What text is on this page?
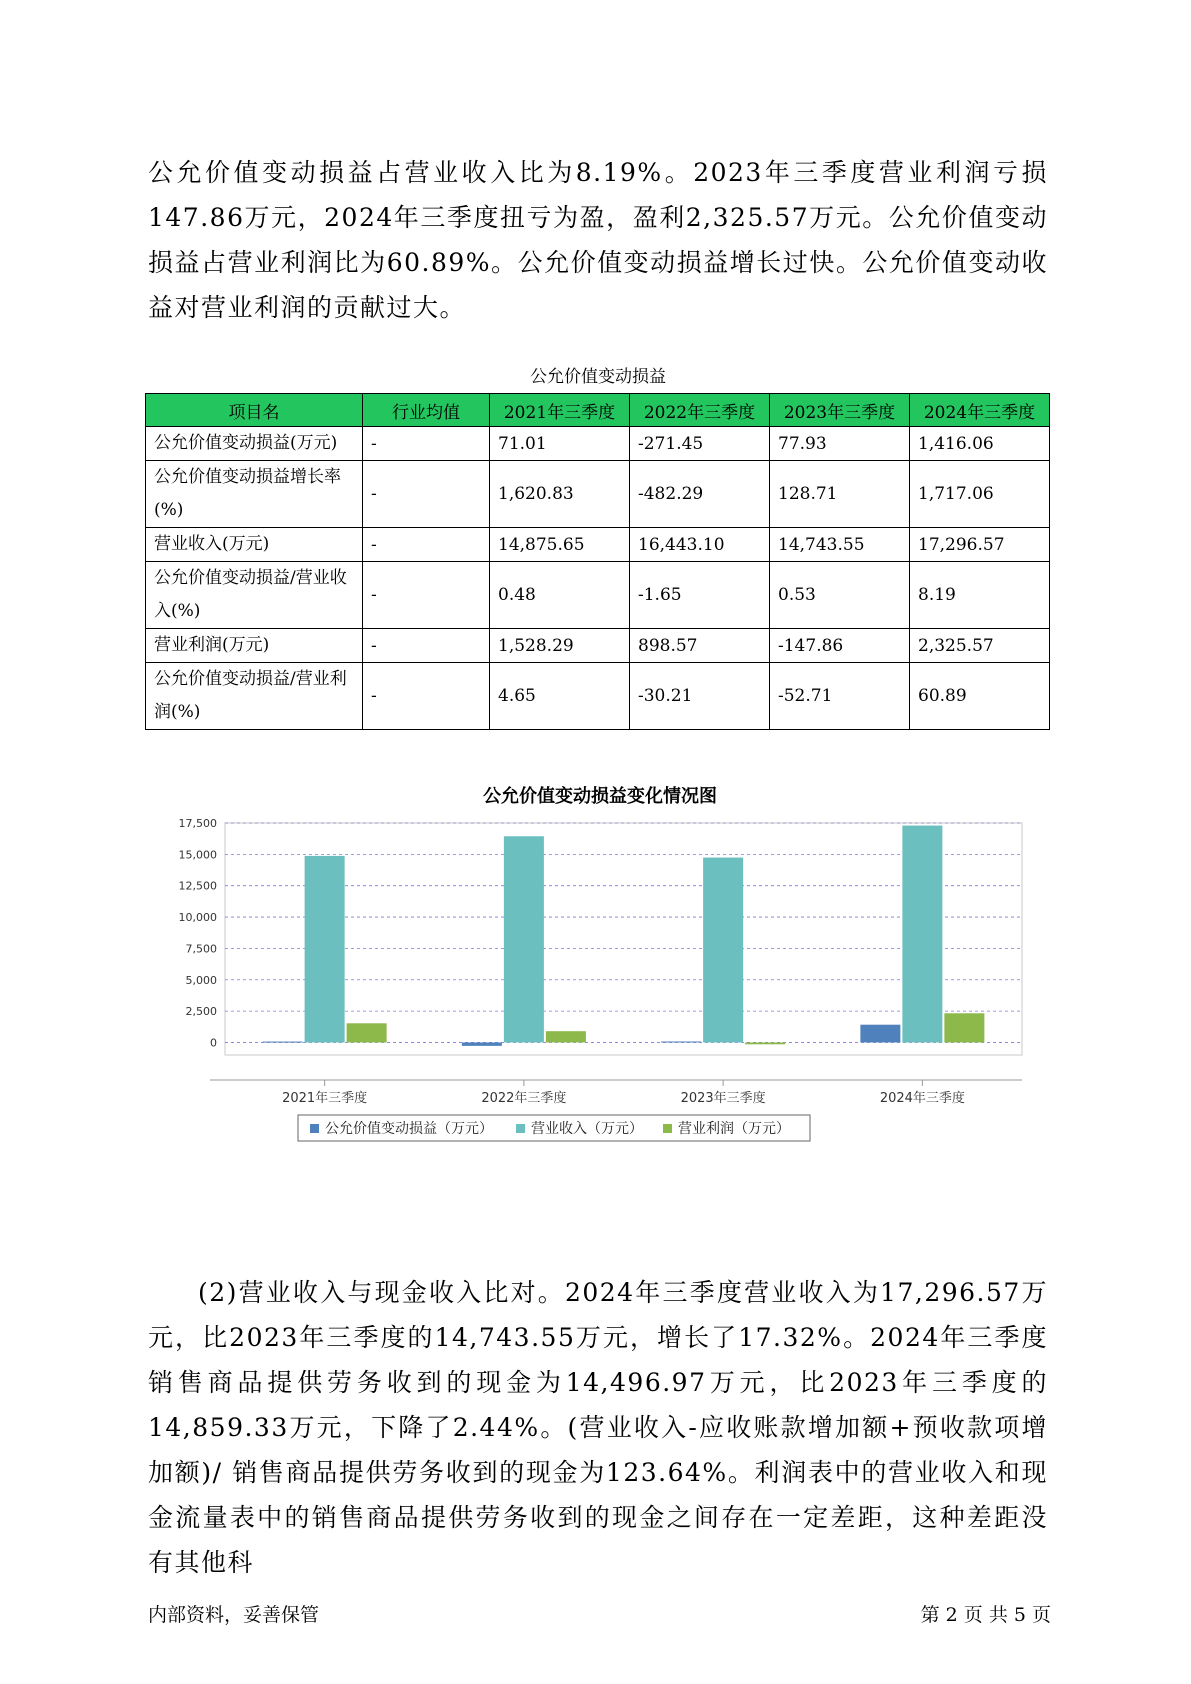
公允价值变动损益占营业收入比为8.19%。2023年三季度营业利润亏损147.86万元，2024年三季度扭亏为盈，盈利2,325.57万元。公允价值变动损益占营业利润比为60.89%。公允价值变动损益增长过快。公允价值变动收益对营业利润的贡献过大。

公允价值变动损益
项目名	行业均值	2021年三季度	2022年三季度	2023年三季度	2024年三季度
公允价值变动损益(万元)	-	71.01	-271.45	77.93	1,416.06
公允价值变动损益增长率(%)	-	1,620.83	-482.29	128.71	1,717.06
营业收入(万元)	-	14,875.65	16,443.10	14,743.55	17,296.57
公允价值变动损益/营业收入(%)	-	0.48	-1.65	0.53	8.19
营业利润(万元)	-	1,528.29	898.57	-147.86	2,325.57
公允价值变动损益/营业利润(%)	-	4.65	-30.21	-52.71	60.89
公允价值变动损益变化情况图
0
2,500
5,000
7,500
10,000
12,500
15,000
17,500
2021年三季度	2022年三季度	2023年三季度	2024年三季度
公允价值变动损益（万元）	营业收入（万元）	营业利润（万元）

(2)营业收入与现金收入比对。2024年三季度营业收入为17,296.57万元，比2023年三季度的14,743.55万元，增长了17.32%。2024年三季度销售商品提供劳务收到的现金为14,496.97万元，比2023年三季度的14,859.33万元，下降了2.44%。(营业收入-应收账款增加额+预收款项增加额)/ 销售商品提供劳务收到的现金为123.64%。利润表中的营业收入和现金流量表中的销售商品提供劳务收到的现金之间存在一定差距，这种差距没有其他科

内部资料，妥善保管	第 2 页 共 5 页
